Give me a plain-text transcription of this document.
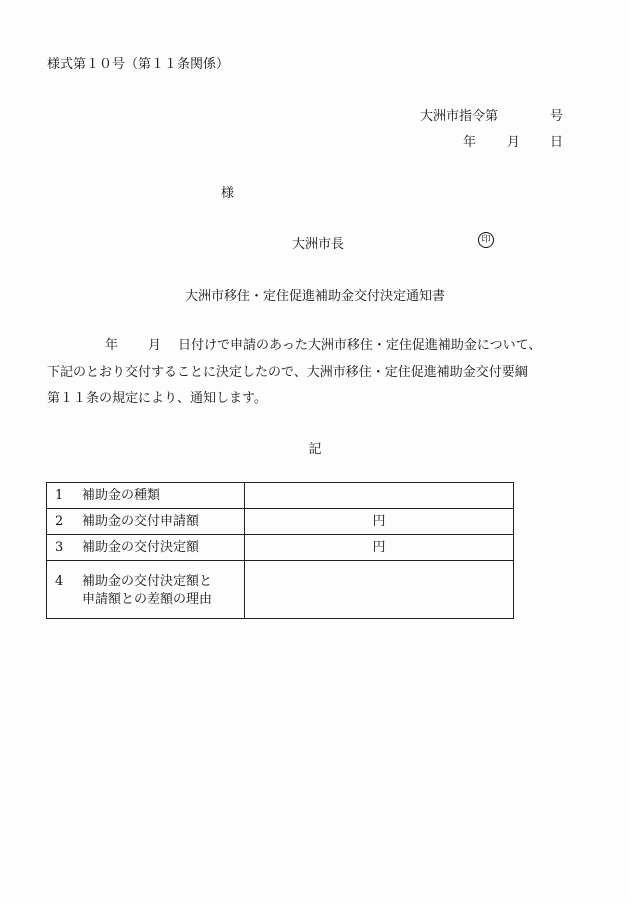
様式第１０号（第１１条関係）
大洲市指令第	号
年 月 日
様
大洲市長	印
大洲市移住・定住促進補助金交付決定通知書
年 月 日付けで申請のあった大洲市移住・定住促進補助金について、
下記のとおり交付することに決定したので、大洲市移住・定住促進補助金交付要綱
第１１条の規定により、通知します。
記
1 補助金の種類	
2 補助金の交付申請額	円
3 補助金の交付決定額	円

4 補助金の交付決定額と
申請額との差額の理由	
